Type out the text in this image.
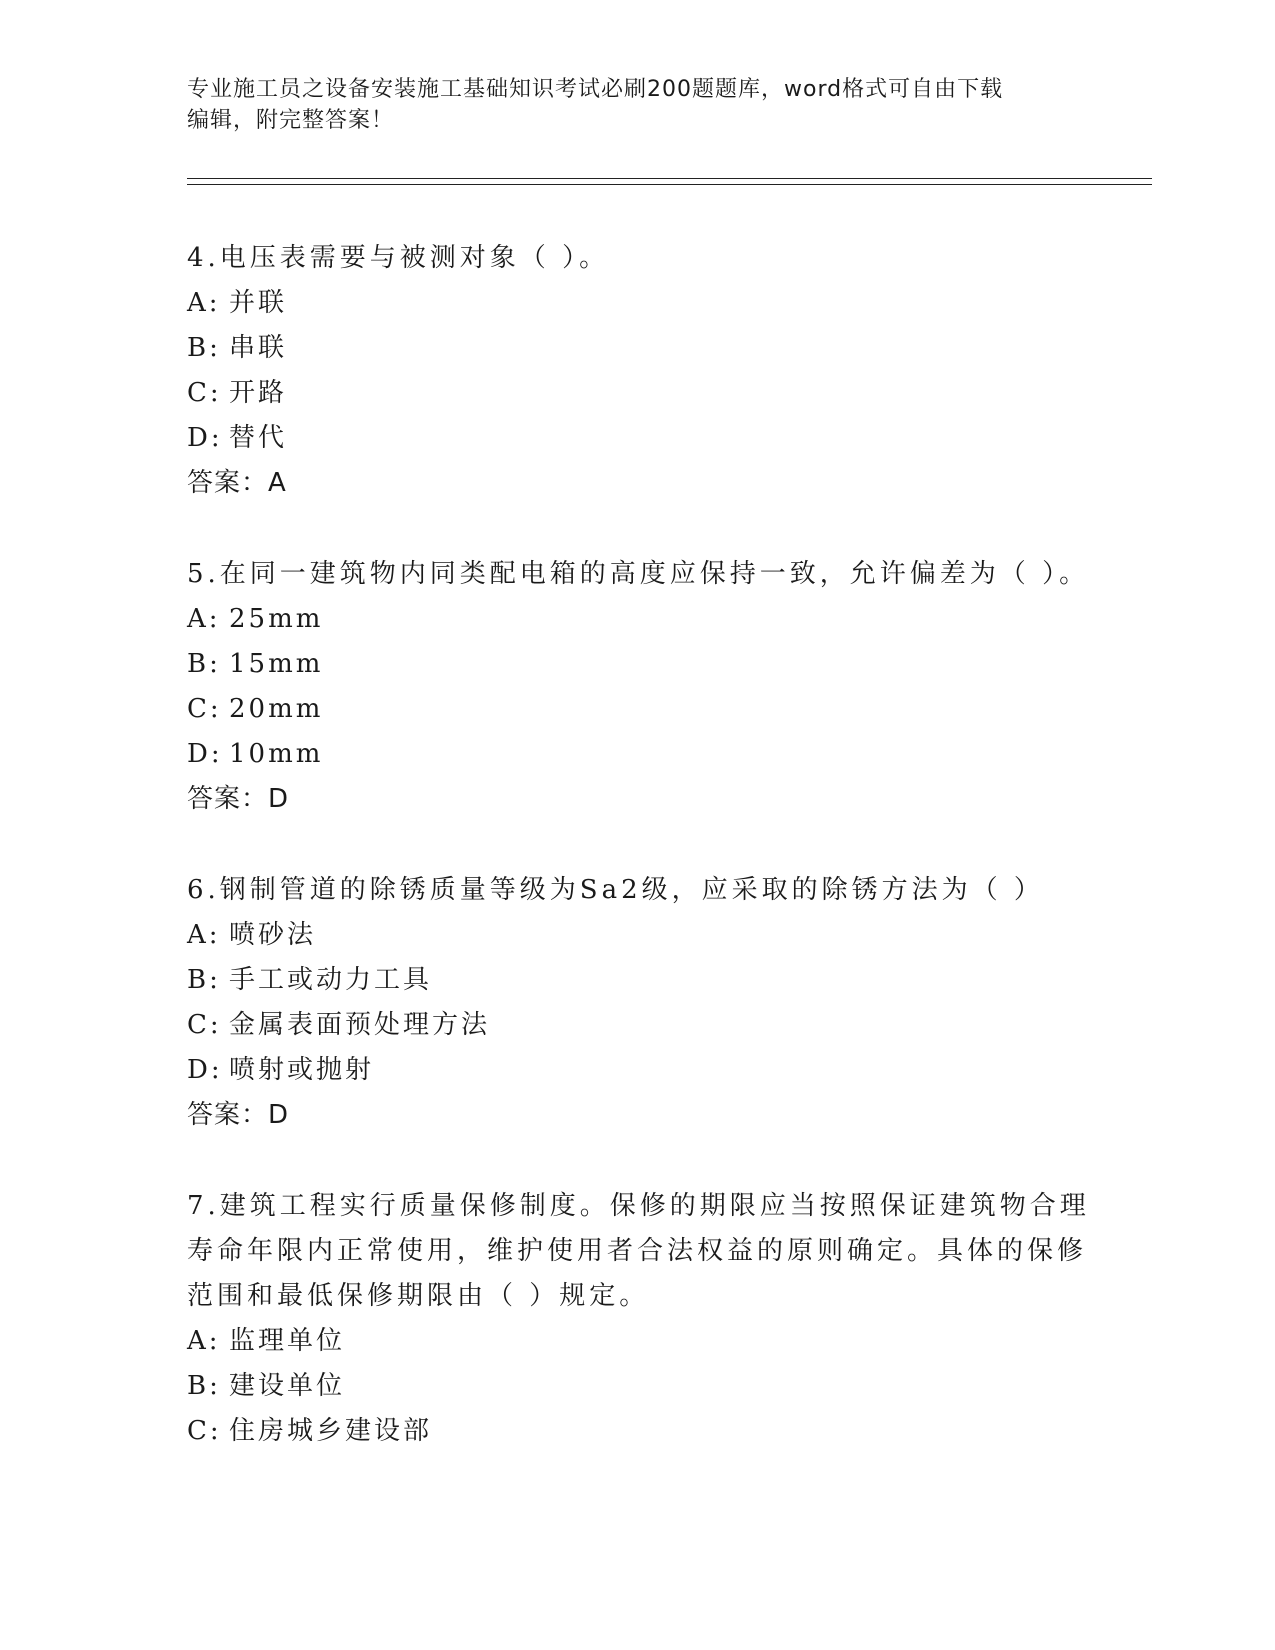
专业施工员之设备安装施工基础知识考试必刷200题题库，word格式可自由下载
编辑，附完整答案！

4.电压表需要与被测对象（ ）。

A: 并联

B: 串联

C: 开路

D: 替代

答案：A

5.在同一建筑物内同类配电箱的高度应保持一致，允许偏差为（ ）。

A: 25mm

B: 15mm

C: 20mm

D: 10mm

答案：D

6.钢制管道的除锈质量等级为Sa2级，应采取的除锈方法为（ ）

A: 喷砂法

B: 手工或动力工具

C: 金属表面预处理方法

D: 喷射或抛射

答案：D

7.建筑工程实行质量保修制度。保修的期限应当按照保证建筑物合理寿命年限内正常使用，维护使用者合法权益的原则确定。具体的保修范围和最低保修期限由（ ）规定。

A: 监理单位

B: 建设单位

C: 住房城乡建设部
